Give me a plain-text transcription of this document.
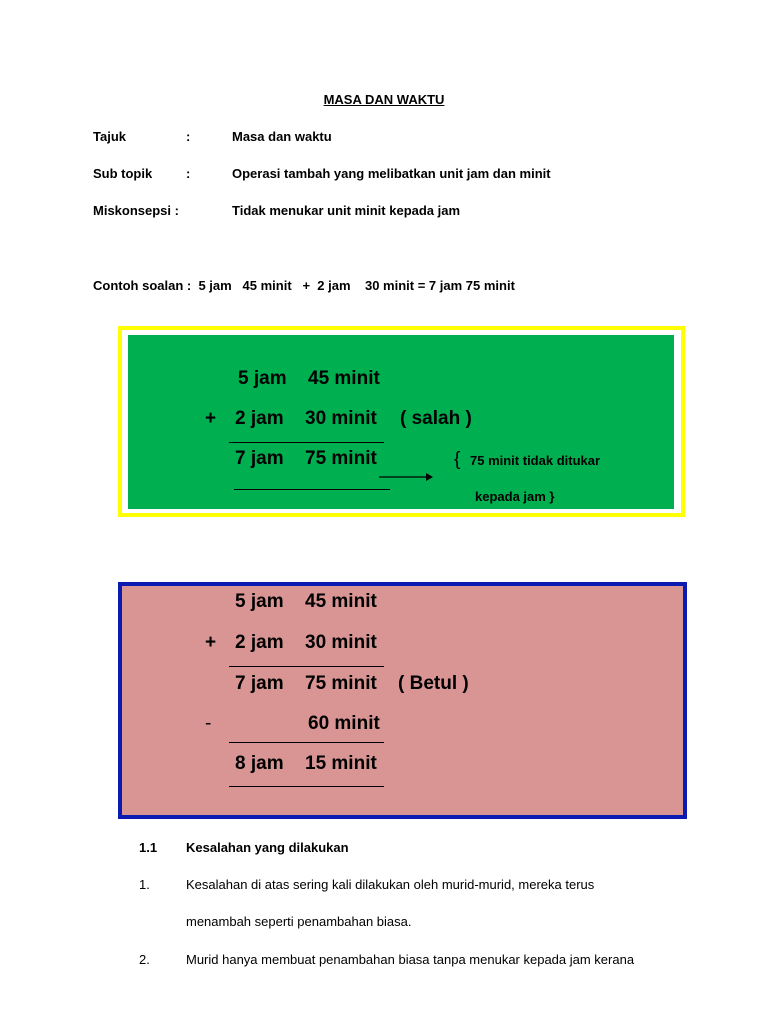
MASA DAN WAKTU
Tajuk	:	Masa dan waktu
Sub topik	:	Operasi tambah yang melibatkan unit jam dan minit
Miskonsepsi :	Tidak menukar unit minit kepada jam
Contoh soalan :  5 jam   45 minit   +  2 jam    30 minit = 7 jam 75 minit
5 jam 45 minit
+ 2 jam 30 minit ( salah )
7 jam 75 minit	{ 75 minit tidak ditukar
kepada jam }
5 jam 45 minit
+ 2 jam 30 minit
7 jam 75 minit ( Betul )
-	60 minit
8 jam 15 minit
1.1 Kesalahan yang dilakukan
1.	Kesalahan di atas sering kali dilakukan oleh murid-murid, mereka terus
menambah seperti penambahan biasa.
2.	Murid hanya membuat penambahan biasa tanpa menukar kepada jam kerana
